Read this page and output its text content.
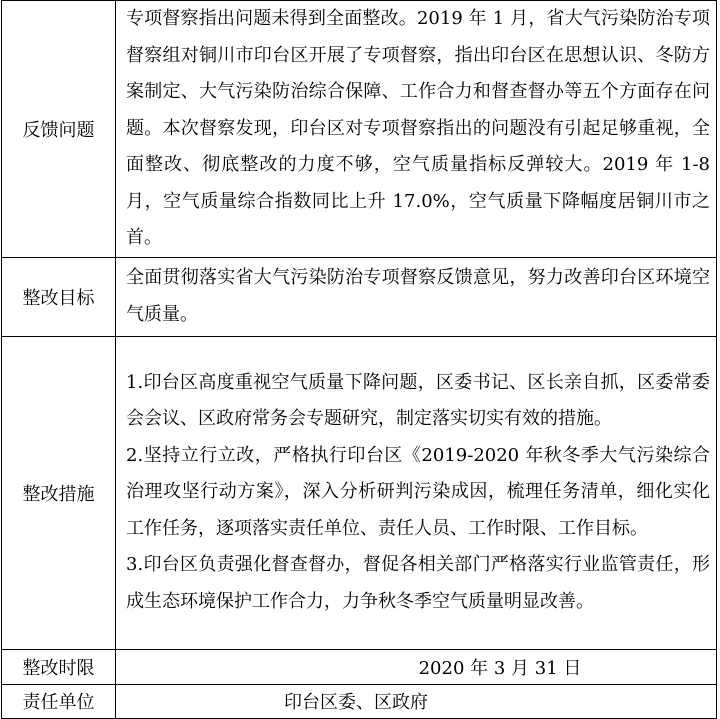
反馈问题	专项督察指出问题未得到全面整改。2019 年 1 月，省大气污染防治专项督察组对铜川市印台区开展了专项督察，指出印台区在思想认识、冬防方案制定、大气污染防治综合保障、工作合力和督查督办等五个方面存在问题。本次督察发现，印台区对专项督察指出的问题没有引起足够重视，全面整改、彻底整改的力度不够，空气质量指标反弹较大。2019 年 1-8 月，空气质量综合指数同比上升 17.0%，空气质量下降幅度居铜川市之首。

整改目标	全面贯彻落实省大气污染防治专项督察反馈意见，努力改善印台区环境空气质量。

整改措施	1.印台区高度重视空气质量下降问题，区委书记、区长亲自抓，区委常委会会议、区政府常务会专题研究，制定落实切实有效的措施。

2.坚持立行立改，严格执行印台区《2019-2020 年秋冬季大气污染综合治理攻坚行动方案》，深入分析研判污染成因，梳理任务清单，细化实化工作任务，逐项落实责任单位、责任人员、工作时限、工作目标。

3.印台区负责强化督查督办，督促各相关部门严格落实行业监管责任，形成生态环境保护工作合力，力争秋冬季空气质量明显改善。

整改时限	2020 年 3 月 31 日
责任单位	印台区委、区政府
